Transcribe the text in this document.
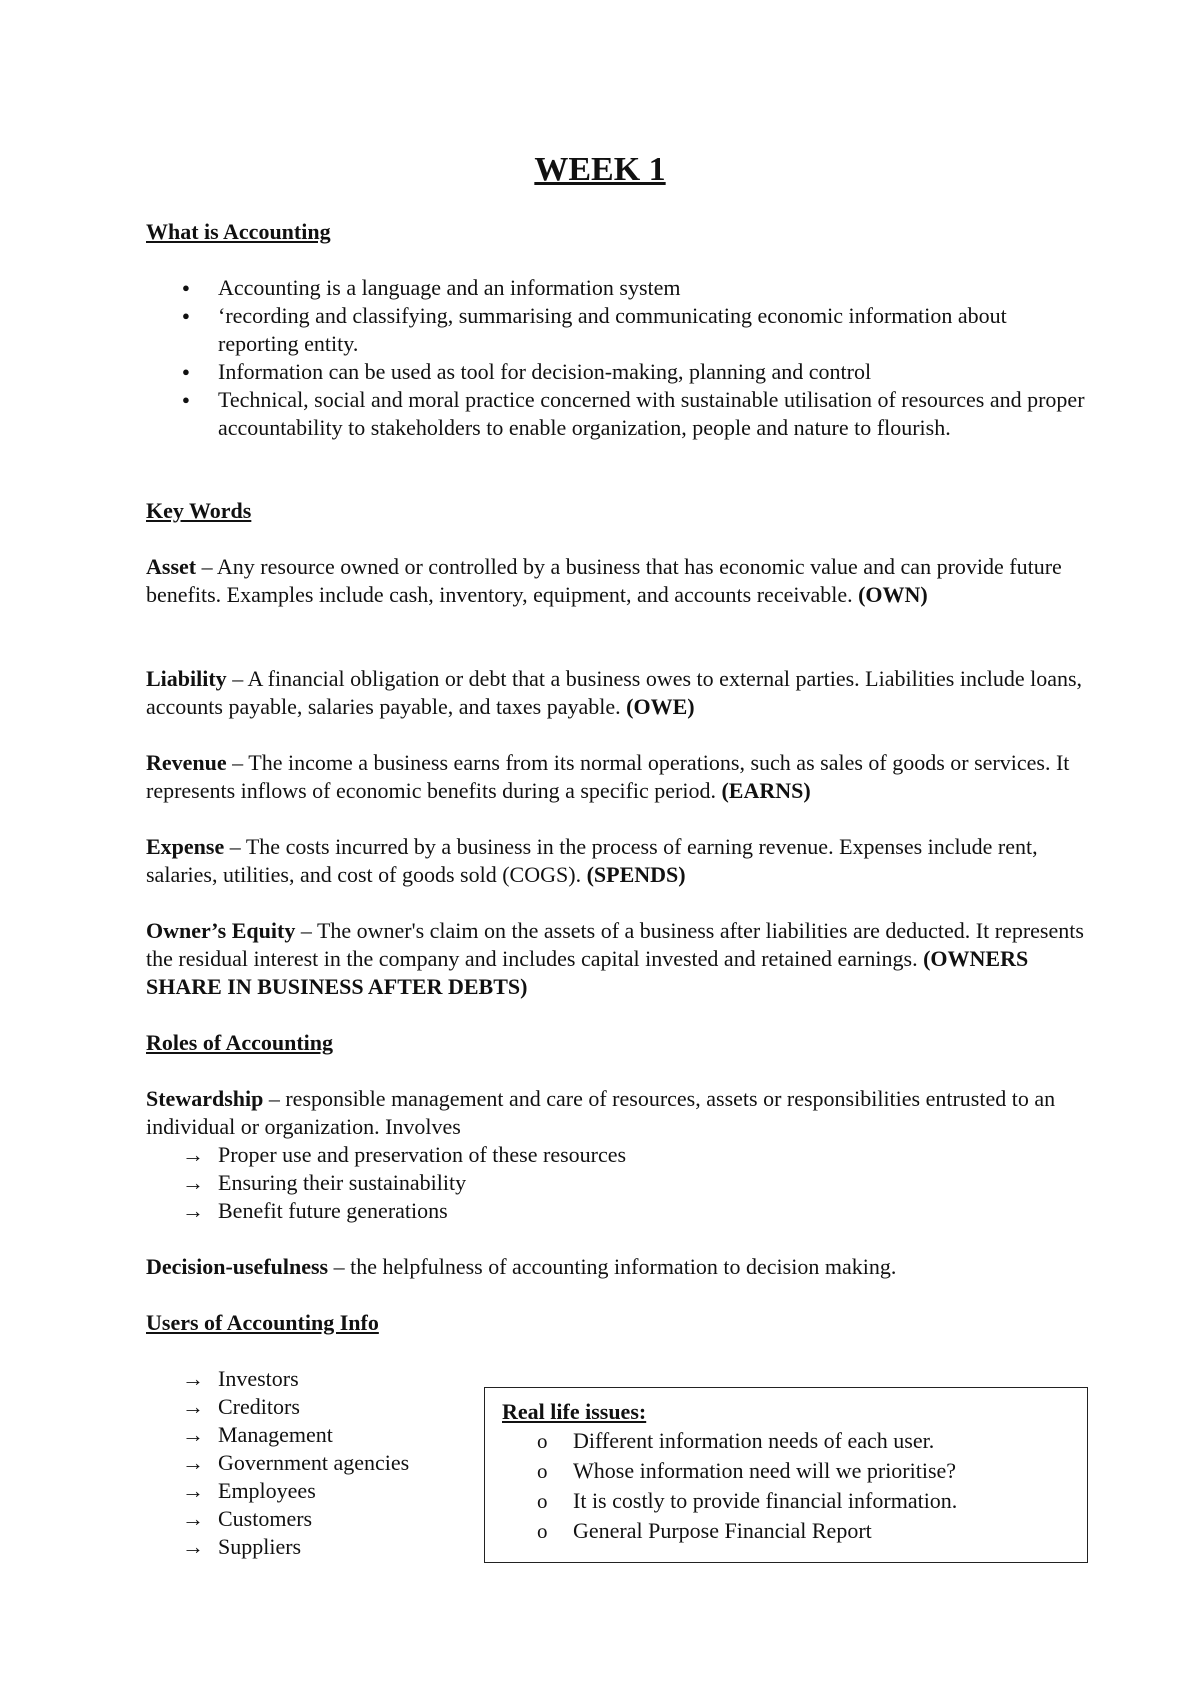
WEEK 1

What is Accounting

● Accounting is a language and an information system
● ‘recording and classifying, summarising and communicating economic information about reporting entity.
● Information can be used as tool for decision-making, planning and control
● Technical, social and moral practice concerned with sustainable utilisation of resources and proper accountability to stakeholders to enable organization, people and nature to flourish.

Key Words

Asset – Any resource owned or controlled by a business that has economic value and can provide future benefits. Examples include cash, inventory, equipment, and accounts receivable. (OWN)

Liability – A financial obligation or debt that a business owes to external parties. Liabilities include loans, accounts payable, salaries payable, and taxes payable. (OWE)

Revenue – The income a business earns from its normal operations, such as sales of goods or services. It represents inflows of economic benefits during a specific period. (EARNS)

Expense – The costs incurred by a business in the process of earning revenue. Expenses include rent, salaries, utilities, and cost of goods sold (COGS). (SPENDS)

Owner’s Equity – The owner's claim on the assets of a business after liabilities are deducted. It represents the residual interest in the company and includes capital invested and retained earnings. (OWNERS SHARE IN BUSINESS AFTER DEBTS)

Roles of Accounting

Stewardship – responsible management and care of resources, assets or responsibilities entrusted to an individual or organization. Involves

→ Proper use and preservation of these resources
→ Ensuring their sustainability
→ Benefit future generations

Decision-usefulness – the helpfulness of accounting information to decision making.

Users of Accounting Info

→ Investors
→ Creditors
→ Management
→ Government agencies
→ Employees
→ Customers
→ Suppliers
Real life issues:
o Different information needs of each user.
o Whose information need will we prioritise?
o It is costly to provide financial information.
o General Purpose Financial Report
